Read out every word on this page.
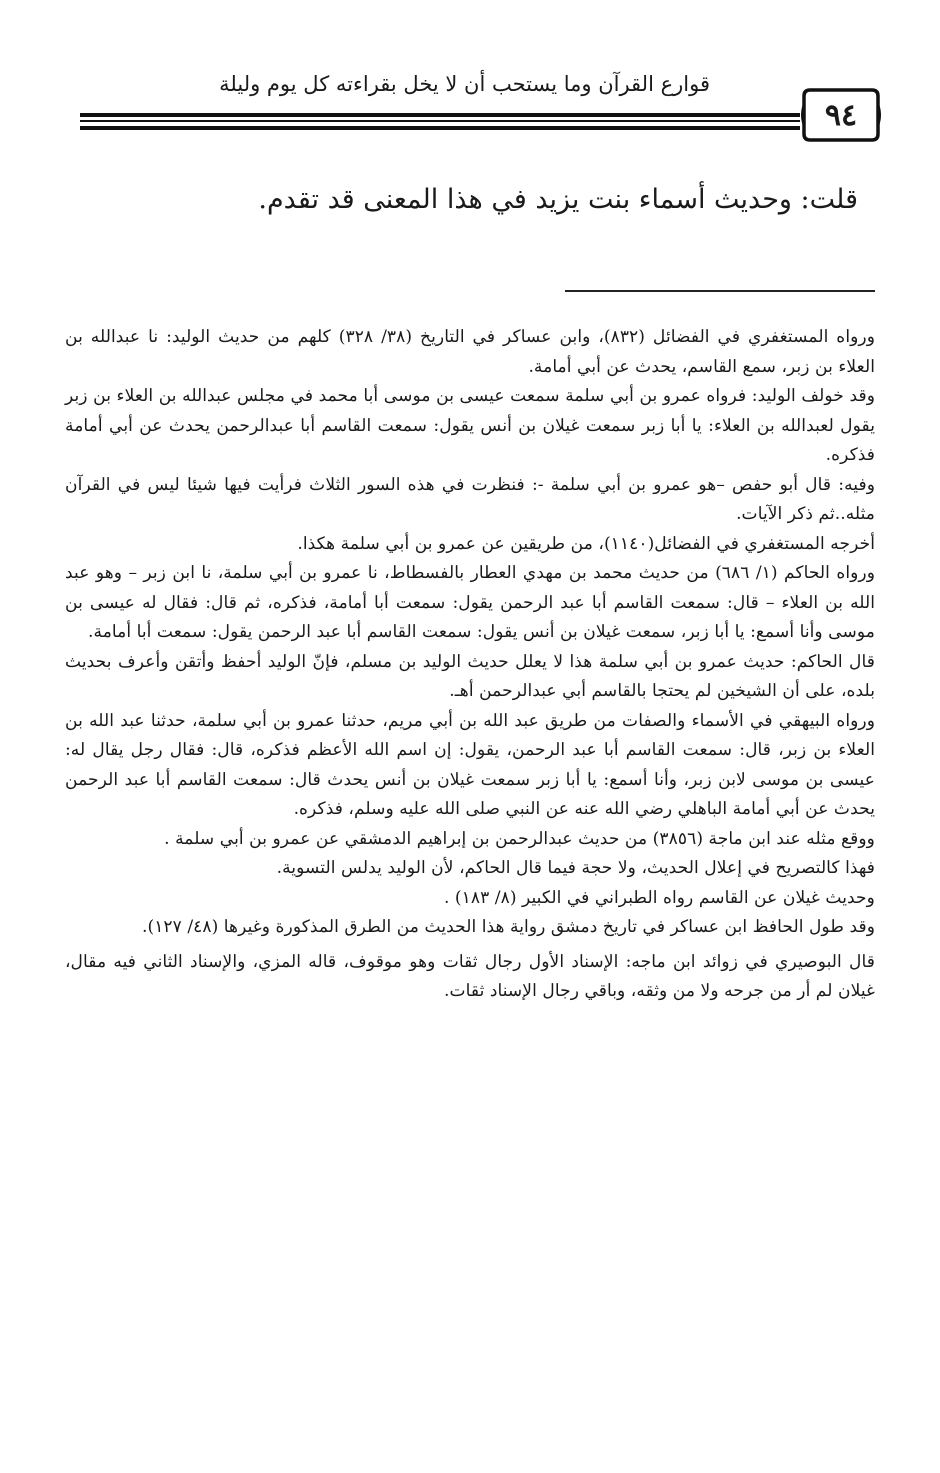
قوارع القرآن وما يستحب أن لا يخل بقراءته كل يوم وليلة
٩٤
قلت: وحديث أسماء بنت يزيد في هذا المعنى قد تقدم.

ورواه المستغفري في الفضائل (٨٣٢)، وابن عساكر في التاريخ (٣٨/ ٣٢٨) كلهم من حديث الوليد: نا عبدالله بن العلاء بن زبر، سمع القاسم، يحدث عن أبي أمامة.

وقد خولف الوليد: فرواه عمرو بن أبي سلمة سمعت عيسى بن موسى أبا محمد في مجلس عبدالله بن العلاء بن زبر يقول لعبدالله بن العلاء: يا أبا زبر سمعت غيلان بن أنس يقول: سمعت القاسم أبا عبدالرحمن يحدث عن أبي أمامة فذكره.

وفيه: قال أبو حفص –هو عمرو بن أبي سلمة -: فنظرت في هذه السور الثلاث فرأيت فيها شيئا ليس في القرآن مثله..ثم ذكر الآيات.

أخرجه المستغفري في الفضائل(١١٤٠)، من طريقين عن عمرو بن أبي سلمة هكذا.

ورواه الحاكم (١/ ٦٨٦) من حديث محمد بن مهدي العطار بالفسطاط، نا عمرو بن أبي سلمة، نا ابن زبر – وهو عبد الله بن العلاء – قال: سمعت القاسم أبا عبد الرحمن يقول: سمعت أبا أمامة، فذكره، ثم قال: فقال له عيسى بن موسى وأنا أسمع: يا أبا زبر، سمعت غيلان بن أنس يقول: سمعت القاسم أبا عبد الرحمن يقول: سمعت أبا أمامة.

قال الحاكم: حديث عمرو بن أبي سلمة هذا لا يعلل حديث الوليد بن مسلم، فإنّ الوليد أحفظ وأتقن وأعرف بحديث بلده، على أن الشيخين لم يحتجا بالقاسم أبي عبدالرحمن أهـ.

ورواه البيهقي في الأسماء والصفات من طريق عبد الله بن أبي مريم، حدثنا عمرو بن أبي سلمة، حدثنا عبد الله بن العلاء بن زبر، قال: سمعت القاسم أبا عبد الرحمن، يقول: إن اسم الله الأعظم فذكره، قال: فقال رجل يقال له: عيسى بن موسى لابن زبر، وأنا أسمع: يا أبا زبر سمعت غيلان بن أنس يحدث قال: سمعت القاسم أبا عبد الرحمن يحدث عن أبي أمامة الباهلي رضي الله عنه عن النبي صلى الله عليه وسلم، فذكره.

ووقع مثله عند ابن ماجة (٣٨٥٦) من حديث عبدالرحمن بن إبراهيم الدمشقي عن عمرو بن أبي سلمة .

فهذا كالتصريح في إعلال الحديث، ولا حجة فيما قال الحاكم، لأن الوليد يدلس التسوية.

وحديث غيلان عن القاسم رواه الطبراني في الكبير (٨/ ١٨٣) .

وقد طول الحافظ ابن عساكر في تاريخ دمشق رواية هذا الحديث من الطرق المذكورة وغيرها (٤٨/ ١٢٧).

قال البوصيري في زوائد ابن ماجه: الإسناد الأول رجال ثقات وهو موقوف، قاله المزي، والإسناد الثاني فيه مقال، غيلان لم أر من جرحه ولا من وثقه، وباقي رجال الإسناد ثقات.
